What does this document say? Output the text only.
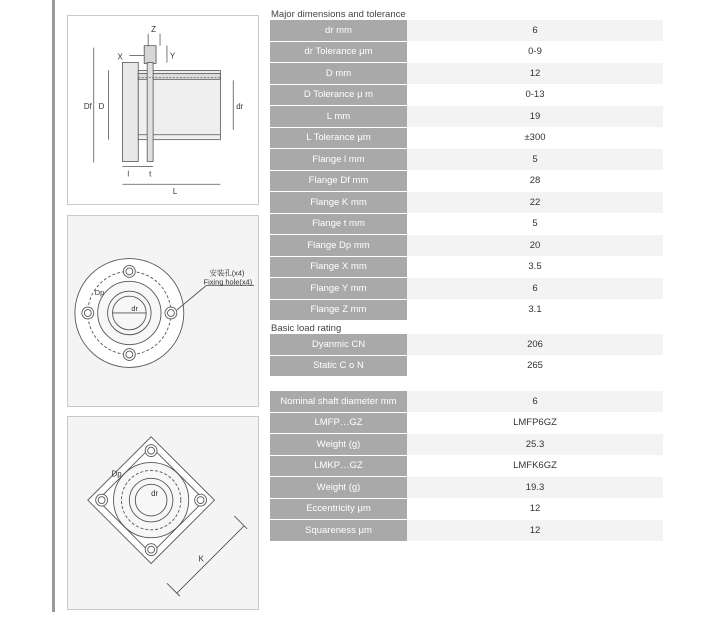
Z
X	Y
Df D	dr
l	t
L
安装孔(x4)
Fixing hole(x4)
Dp
dr
Dp
dr
K
Major dimensions and tolerance
dr mm	6
dr Tolerance μm	0-9
D mm	12
D Tolerance μ m	0-13
L mm	19
L Tolerance μm	±300
Flange l mm	5
Flange Df mm	28
Flange K mm	22
Flange t mm	5
Flange Dp mm	20
Flange X mm	3.5
Flange Y mm	6
Flange Z mm	3.1
Basic load rating
Dyanmic CN	206
Static C o N	265
Nominal shaft diameter mm	6
LMFP…GZ	LMFP6GZ
Weight (g)	25.3
LMKP…GZ	LMFK6GZ
Weight (g)	19.3
Eccentricity μm	12
Squareness μm	12
